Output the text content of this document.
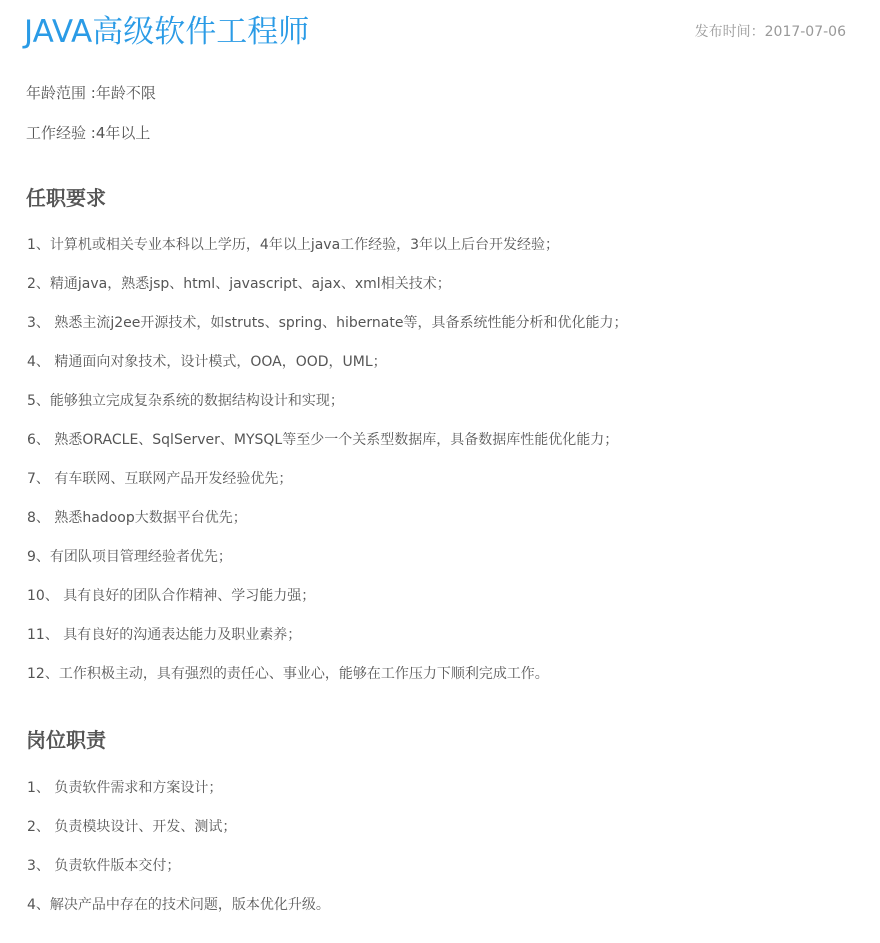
JAVA高级软件工程师	发布时间：2017-07-06
年龄范围 :年龄不限
工作经验 :4年以上
任职要求
1、计算机或相关专业本科以上学历，4年以上java工作经验，3年以上后台开发经验；
2、精通java，熟悉jsp、html、javascript、ajax、xml相关技术；
3、 熟悉主流j2ee开源技术，如struts、spring、hibernate等，具备系统性能分析和优化能力；
4、 精通面向对象技术，设计模式，OOA，OOD，UML；
5、能够独立完成复杂系统的数据结构设计和实现；
6、 熟悉ORACLE、SqlServer、MYSQL等至少一个关系型数据库，具备数据库性能优化能力；
7、 有车联网、互联网产品开发经验优先；
8、 熟悉hadoop大数据平台优先；
9、有团队项目管理经验者优先；
10、 具有良好的团队合作精神、学习能力强；
11、 具有良好的沟通表达能力及职业素养；
12、工作积极主动，具有强烈的责任心、事业心，能够在工作压力下顺利完成工作。
岗位职责
1、 负责软件需求和方案设计；
2、 负责模块设计、开发、测试；
3、 负责软件版本交付；
4、解决产品中存在的技术问题，版本优化升级。
